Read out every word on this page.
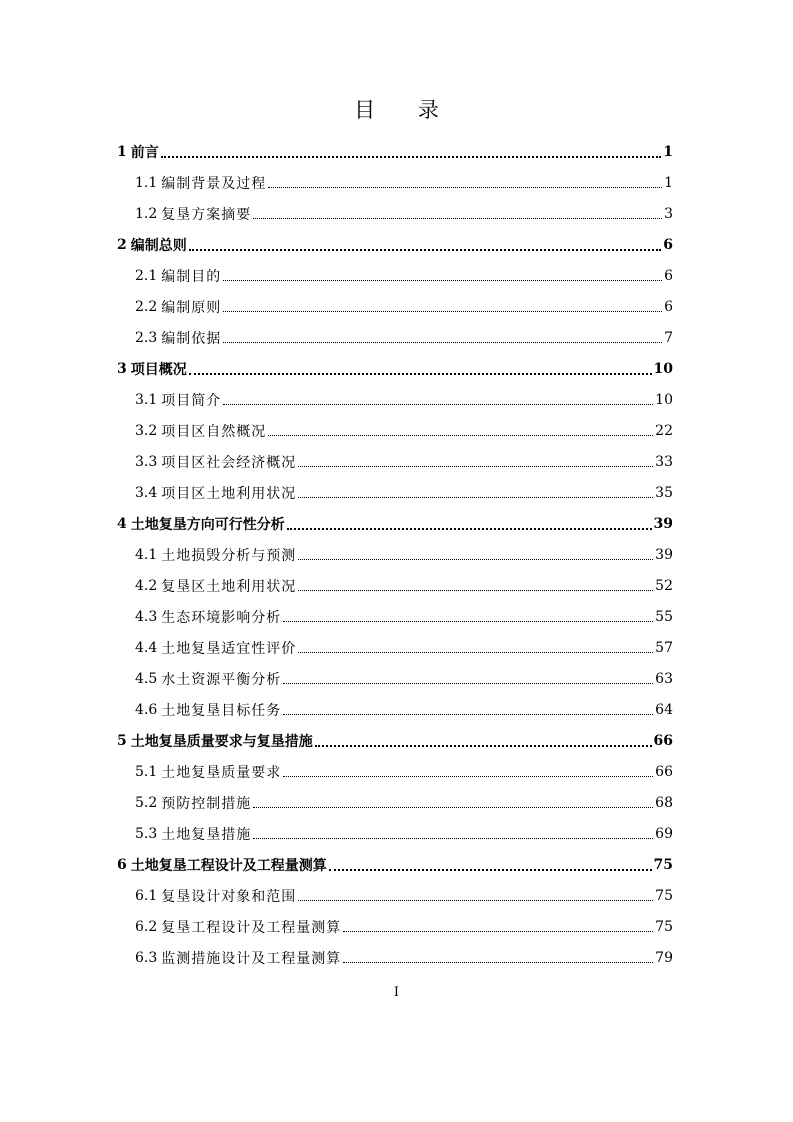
目 录
1 前言	1
1.1 编制背景及过程	1
1.2 复垦方案摘要	3
2 编制总则	6
2.1 编制目的	6
2.2 编制原则	6
2.3 编制依据	7
3 项目概况	10
3.1 项目简介	10
3.2 项目区自然概况	22
3.3 项目区社会经济概况	33
3.4 项目区土地利用状况	35
4 土地复垦方向可行性分析	39
4.1 土地损毁分析与预测	39
4.2 复垦区土地利用状况	52
4.3 生态环境影响分析	55
4.4 土地复垦适宜性评价	57
4.5 水土资源平衡分析	63
4.6 土地复垦目标任务	64
5 土地复垦质量要求与复垦措施	66
5.1 土地复垦质量要求	66
5.2 预防控制措施	68
5.3 土地复垦措施	69
6 土地复垦工程设计及工程量测算	75
6.1 复垦设计对象和范围	75
6.2 复垦工程设计及工程量测算	75
6.3 监测措施设计及工程量测算	79
I
